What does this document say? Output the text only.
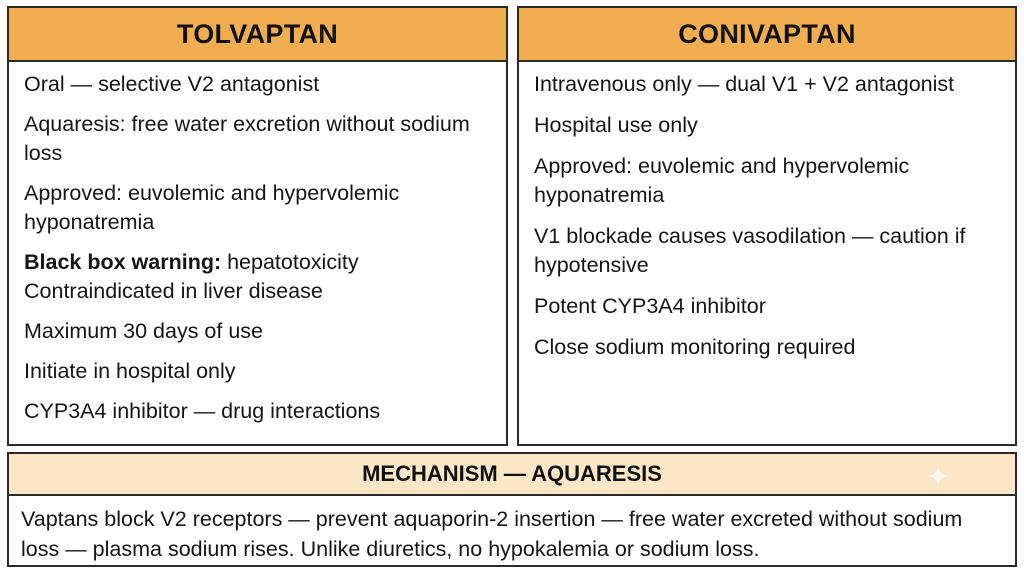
TOLVAPTAN
Oral — selective V2 antagonist
Aquaresis: free water excretion without sodium loss
Approved: euvolemic and hypervolemic hyponatremia
Black box warning: hepatotoxicity Contraindicated in liver disease
Maximum 30 days of use
Initiate in hospital only
CYP3A4 inhibitor — drug interactions
CONIVAPTAN
Intravenous only — dual V1 + V2 antagonist
Hospital use only
Approved: euvolemic and hypervolemic hyponatremia
V1 blockade causes vasodilation — caution if hypotensive
Potent CYP3A4 inhibitor
Close sodium monitoring required
MECHANISM — AQUARESIS
Vaptans block V2 receptors — prevent aquaporin-2 insertion — free water excreted without sodium loss — plasma sodium rises. Unlike diuretics, no hypokalemia or sodium loss.
